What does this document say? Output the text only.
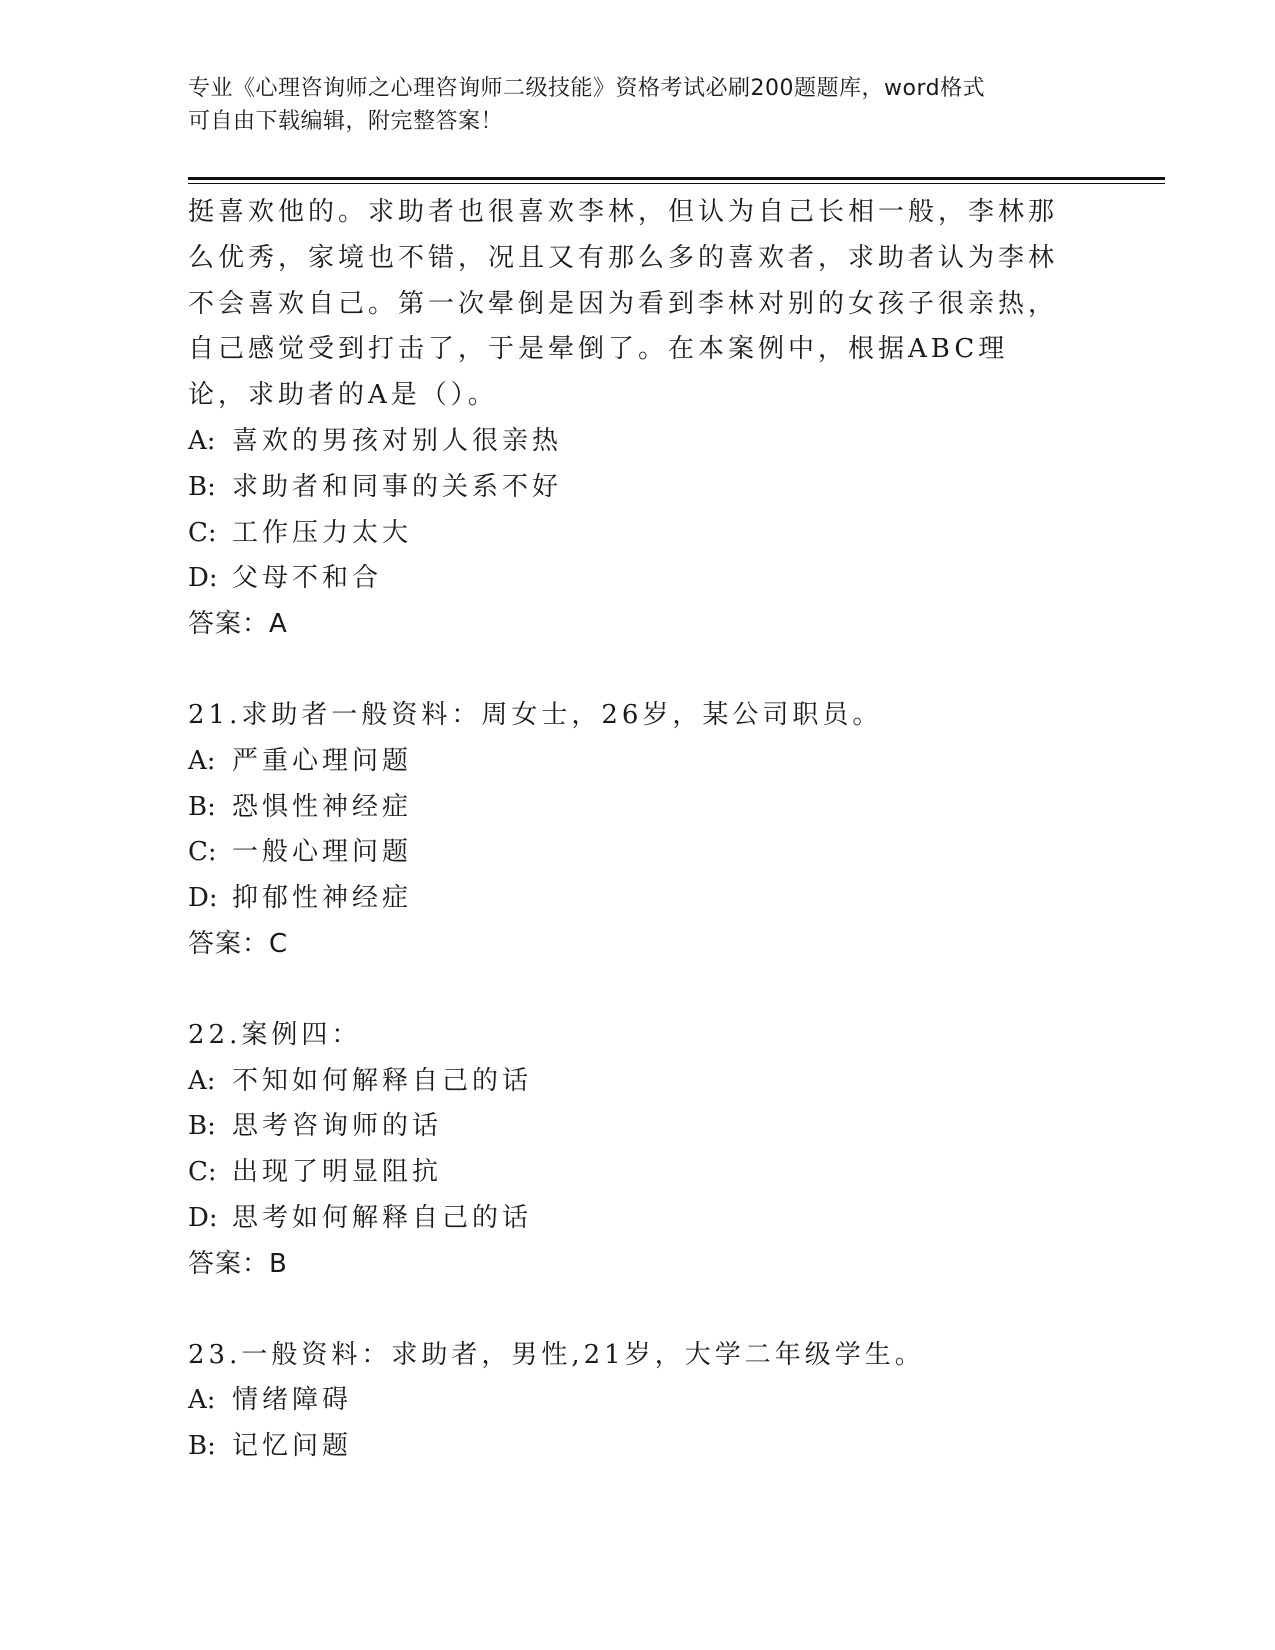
专业《心理咨询师之心理咨询师二级技能》资格考试必刷200题题库，word格式
可自由下载编辑，附完整答案！

挺喜欢他的。求助者也很喜欢李林，但认为自己长相一般，李林那么优秀，家境也不错，况且又有那么多的喜欢者，求助者认为李林不会喜欢自己。第一次晕倒是因为看到李林对别的女孩子很亲热，自己感觉受到打击了，于是晕倒了。在本案例中，根据ABC理论，求助者的A是（）。

A: 喜欢的男孩对别人很亲热
B: 求助者和同事的关系不好
C: 工作压力太大
D: 父母不和合

答案：A

21.求助者一般资料：周女士，26岁，某公司职员。
A: 严重心理问题
B: 恐惧性神经症
C: 一般心理问题
D: 抑郁性神经症

答案：C

22.案例四：
A: 不知如何解释自己的话
B: 思考咨询师的话
C: 出现了明显阻抗
D: 思考如何解释自己的话

答案：B

23.一般资料：求助者，男性,21岁，大学二年级学生。
A: 情绪障碍
B: 记忆问题
